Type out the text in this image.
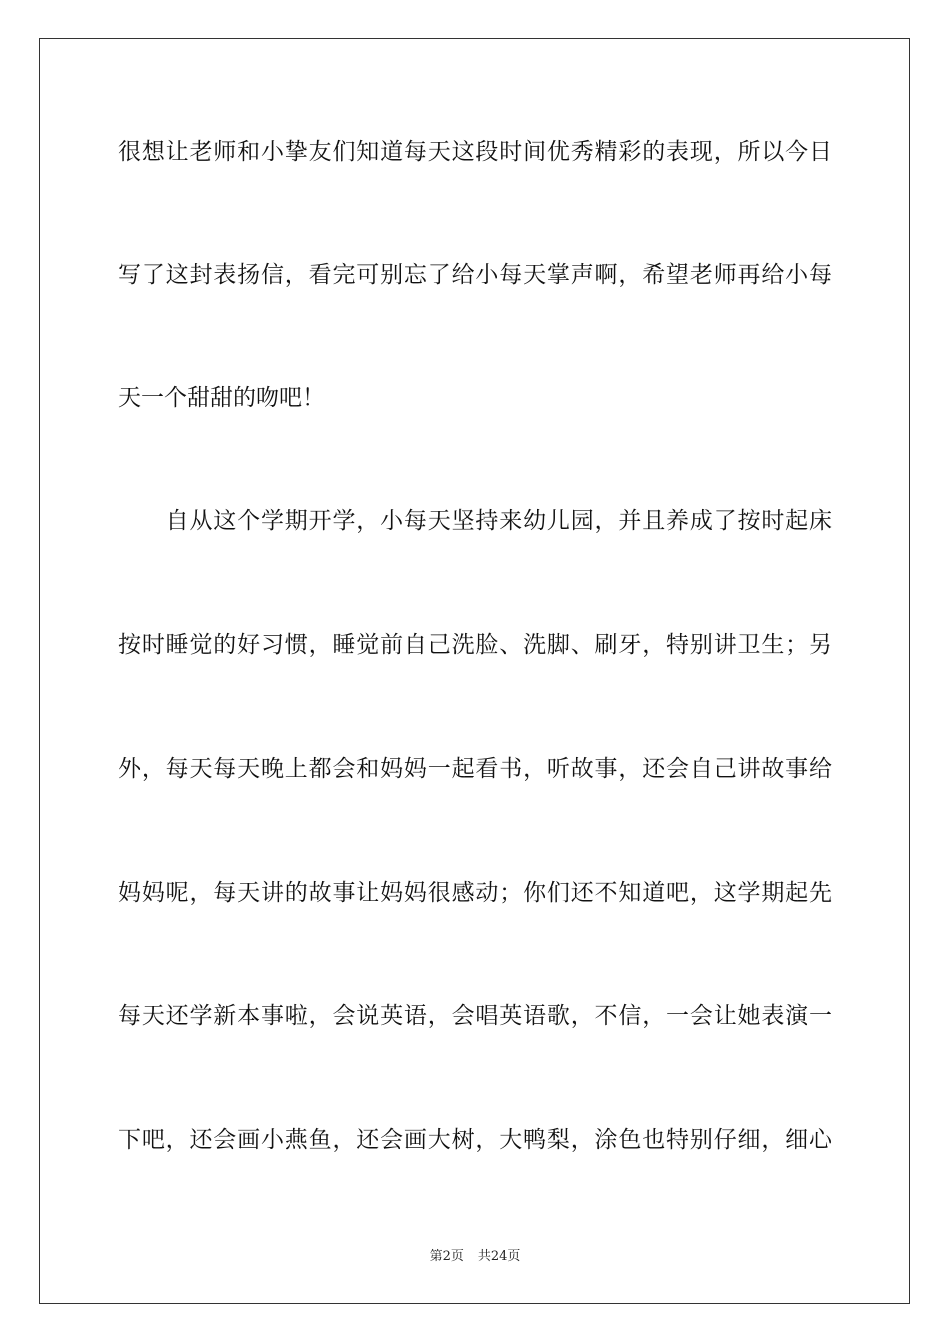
很想让老师和小挚友们知道每天这段时间优秀精彩的表现，所以今日
写了这封表扬信，看完可别忘了给小每天掌声啊，希望老师再给小每
天一个甜甜的吻吧！
　　自从这个学期开学，小每天坚持来幼儿园，并且养成了按时起床
按时睡觉的好习惯，睡觉前自己洗脸、洗脚、刷牙，特别讲卫生；另
外，每天每天晚上都会和妈妈一起看书，听故事，还会自己讲故事给
妈妈呢，每天讲的故事让妈妈很感动；你们还不知道吧，这学期起先
每天还学新本事啦，会说英语，会唱英语歌，不信，一会让她表演一
下吧，还会画小燕鱼，还会画大树，大鸭梨，涂色也特别仔细，细心
第2页 共24页
